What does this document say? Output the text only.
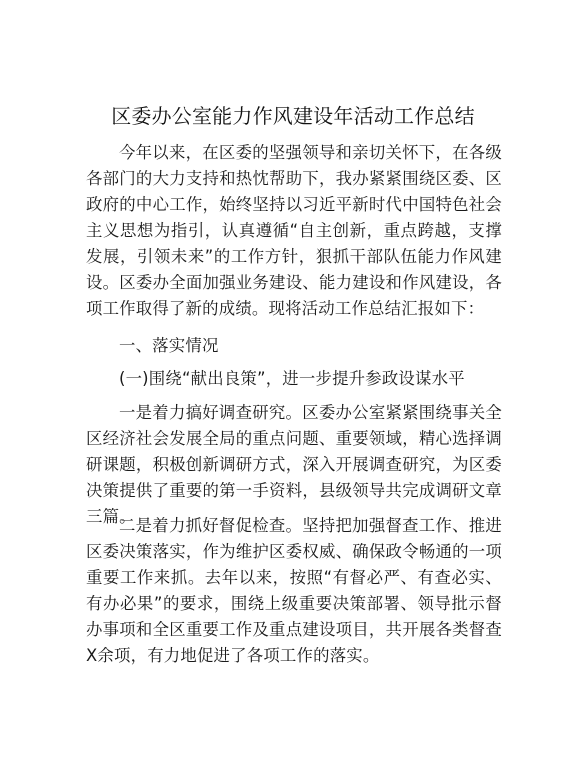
区委办公室能力作风建设年活动工作总结

今年以来，在区委的坚强领导和亲切关怀下，在各级各部门的大力支持和热忱帮助下，我办紧紧围绕区委、区政府的中心工作，始终坚持以习近平新时代中国特色社会主义思想为指引，认真遵循“自主创新，重点跨越，支撑发展，引领未来”的工作方针，狠抓干部队伍能力作风建设。区委办全面加强业务建设、能力建设和作风建设，各项工作取得了新的成绩。现将活动工作总结汇报如下：

一、落实情况

(一)围绕“献出良策”，进一步提升参政设谋水平

一是着力搞好调查研究。区委办公室紧紧围绕事关全区经济社会发展全局的重点问题、重要领域，精心选择调研课题，积极创新调研方式，深入开展调查研究，为区委决策提供了重要的第一手资料，县级领导共完成调研文章三篇。

二是着力抓好督促检查。坚持把加强督查工作、推进区委决策落实，作为维护区委权威、确保政令畅通的一项重要工作来抓。去年以来，按照“有督必严、有查必实、有办必果”的要求，围绕上级重要决策部署、领导批示督办事项和全区重要工作及重点建设项目，共开展各类督查X余项，有力地促进了各项工作的落实。
